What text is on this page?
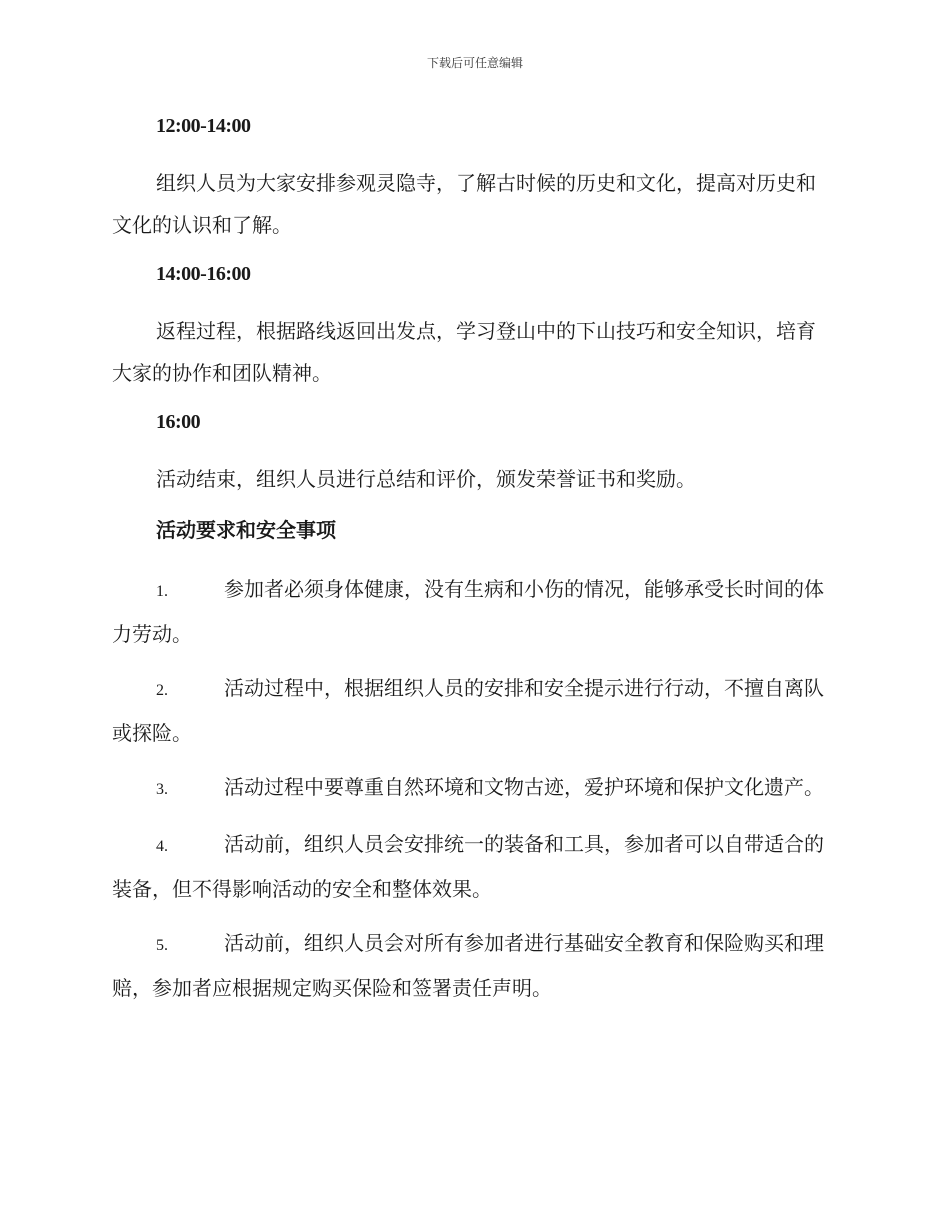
下载后可任意编辑

12:00-14:00

组织人员为大家安排参观灵隐寺，了解古时候的历史和文化，提高对历史和文化的认识和了解。

14:00-16:00

返程过程，根据路线返回出发点，学习登山中的下山技巧和安全知识，培育大家的协作和团队精神。

16:00

活动结束，组织人员进行总结和评价，颁发荣誉证书和奖励。

活动要求和安全事项

1.	参加者必须身体健康，没有生病和小伤的情况，能够承受长时间的体力劳动。

2.	活动过程中，根据组织人员的安排和安全提示进行行动，不擅自离队或探险。

3.	活动过程中要尊重自然环境和文物古迹，爱护环境和保护文化遗产。

4.	活动前，组织人员会安排统一的装备和工具，参加者可以自带适合的装备，但不得影响活动的安全和整体效果。

5.	活动前，组织人员会对所有参加者进行基础安全教育和保险购买和理赔，参加者应根据规定购买保险和签署责任声明。
